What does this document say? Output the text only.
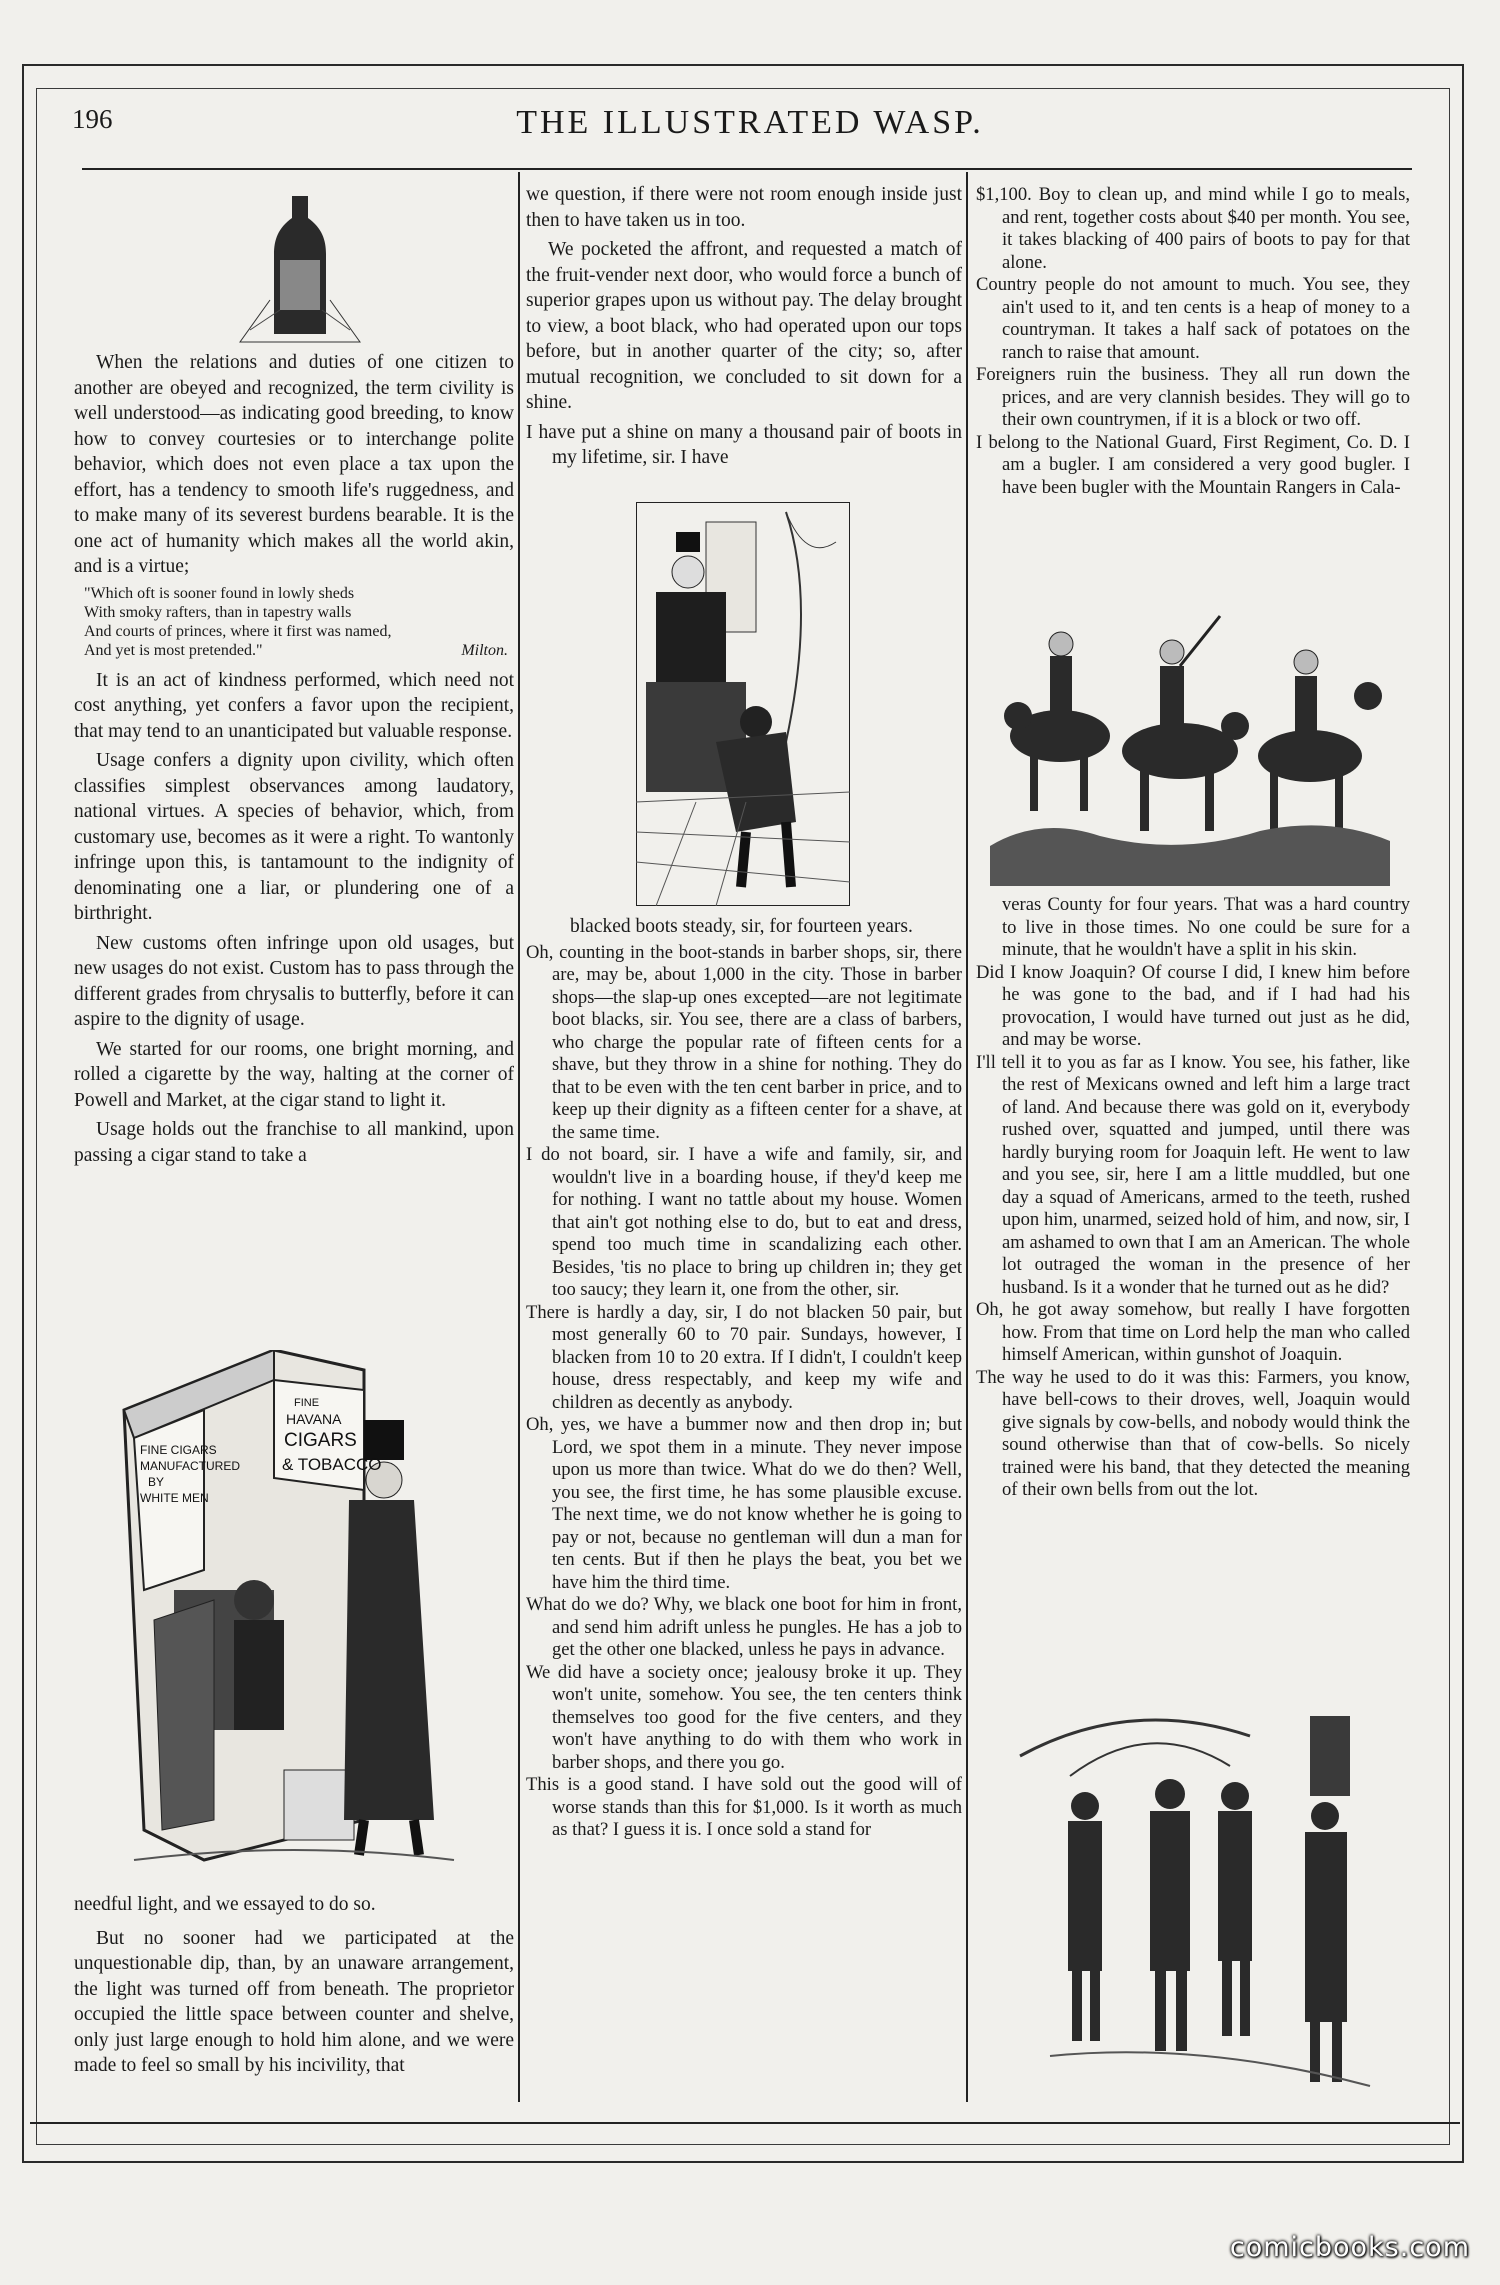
196	THE ILLUSTRATED WASP.

When the relations and duties of one citizen to another are obeyed and recognized, the term civility is well understood—as indicating good breeding, to know how to convey courtesies or to interchange polite behavior, which does not even place a tax upon the effort, has a tendency to smooth life's ruggedness, and to make many of its severest burdens bearable. It is the one act of humanity which makes all the world akin, and is a virtue;

"Which oft is sooner found in lowly sheds
With smoky rafters, than in tapestry walls
And courts of princes, where it first was named,
And yet is most pretended."	Milton.

It is an act of kindness performed, which need not cost anything, yet confers a favor upon the recipient, that may tend to an unanticipated but valuable response.

Usage confers a dignity upon civility, which often classifies simplest observances among laudatory, national virtues. A species of behavior, which, from customary use, becomes as it were a right. To wantonly infringe upon this, is tantamount to the indignity of denominating one a liar, or plundering one of a birthright.

New customs often infringe upon old usages, but new usages do not exist. Custom has to pass through the different grades from chrysalis to butterfly, before it can aspire to the dignity of usage.

We started for our rooms, one bright morning, and rolled a cigarette by the way, halting at the corner of Powell and Market, at the cigar stand to light it.

Usage holds out the franchise to all mankind, upon passing a cigar stand to take a

FINE CIGARS MANUFACTURED BY WHITE MEN
FINE HAVANA CIGARS & TOBACCO

needful light, and we essayed to do so.

But no sooner had we participated at the unquestionable dip, than, by an unaware arrangement, the light was turned off from beneath. The proprietor occupied the little space between counter and shelve, only just large enough to hold him alone, and we were made to feel so small by his incivility, that

we question, if there were not room enough inside just then to have taken us in too.

We pocketed the affront, and requested a match of the fruit-vender next door, who would force a bunch of superior grapes upon us without pay. The delay brought to view, a boot black, who had operated upon our tops before, but in another quarter of the city; so, after mutual recognition, we concluded to sit down for a shine.

I have put a shine on many a thousand pair of boots in my lifetime, sir. I have

blacked boots steady, sir, for fourteen years.

Oh, counting in the boot-stands in barber shops, sir, there are, may be, about 1,000 in the city. Those in barber shops—the slap-up ones excepted—are not legitimate boot blacks, sir. You see, there are a class of barbers, who charge the popular rate of fifteen cents for a shave, but they throw in a shine for nothing. They do that to be even with the ten cent barber in price, and to keep up their dignity as a fifteen center for a shave, at the same time.

I do not board, sir. I have a wife and family, sir, and wouldn't live in a boarding house, if they'd keep me for nothing. I want no tattle about my house. Women that ain't got nothing else to do, but to eat and dress, spend too much time in scandalizing each other. Besides, 'tis no place to bring up children in; they get too saucy; they learn it, one from the other, sir.

There is hardly a day, sir, I do not blacken 50 pair, but most generally 60 to 70 pair. Sundays, however, I blacken from 10 to 20 extra. If I didn't, I couldn't keep house, dress respectably, and keep my wife and children as decently as anybody.

Oh, yes, we have a bummer now and then drop in; but Lord, we spot them in a minute. They never impose upon us more than twice. What do we do then? Well, you see, the first time, he has some plausible excuse. The next time, we do not know whether he is going to pay or not, because no gentleman will dun a man for ten cents. But if then he plays the beat, you bet we have him the third time.

What do we do? Why, we black one boot for him in front, and send him adrift unless he pungles. He has a job to get the other one blacked, unless he pays in advance.

We did have a society once; jealousy broke it up. They won't unite, somehow. You see, the ten centers think themselves too good for the five centers, and they won't have anything to do with them who work in barber shops, and there you go.

This is a good stand. I have sold out the good will of worse stands than this for $1,000. Is it worth as much as that? I guess it is. I once sold a stand for

$1,100. Boy to clean up, and mind while I go to meals, and rent, together costs about $40 per month. You see, it takes blacking of 400 pairs of boots to pay for that alone.

Country people do not amount to much. You see, they ain't used to it, and ten cents is a heap of money to a countryman. It takes a half sack of potatoes on the ranch to raise that amount.

Foreigners ruin the business. They all run down the prices, and are very clannish besides. They will go to their own countrymen, if it is a block or two off.

I belong to the National Guard, First Regiment, Co. D. I am a bugler. I am considered a very good bugler. I have been bugler with the Mountain Rangers in Cala-

veras County for four years. That was a hard country to live in those times. No one could be sure for a minute, that he wouldn't have a split in his skin.

Did I know Joaquin? Of course I did, I knew him before he was gone to the bad, and if I had had his provocation, I would have turned out just as he did, and may be worse.

I'll tell it to you as far as I know. You see, his father, like the rest of Mexicans owned and left him a large tract of land. And because there was gold on it, everybody rushed over, squatted and jumped, until there was hardly burying room for Joaquin left. He went to law and you see, sir, here I am a little muddled, but one day a squad of Americans, armed to the teeth, rushed upon him, unarmed, seized hold of him, and now, sir, I am ashamed to own that I am an American. The whole lot outraged the woman in the presence of her husband. Is it a wonder that he turned out as he did?

Oh, he got away somehow, but really I have forgotten how. From that time on Lord help the man who called himself American, within gunshot of Joaquin.

The way he used to do it was this: Farmers, you know, have bell-cows to their droves, well, Joaquin would give signals by cow-bells, and nobody would think the sound otherwise than that of cow-bells. So nicely trained were his band, that they detected the meaning of their own bells from out the lot.

comicbooks.com
